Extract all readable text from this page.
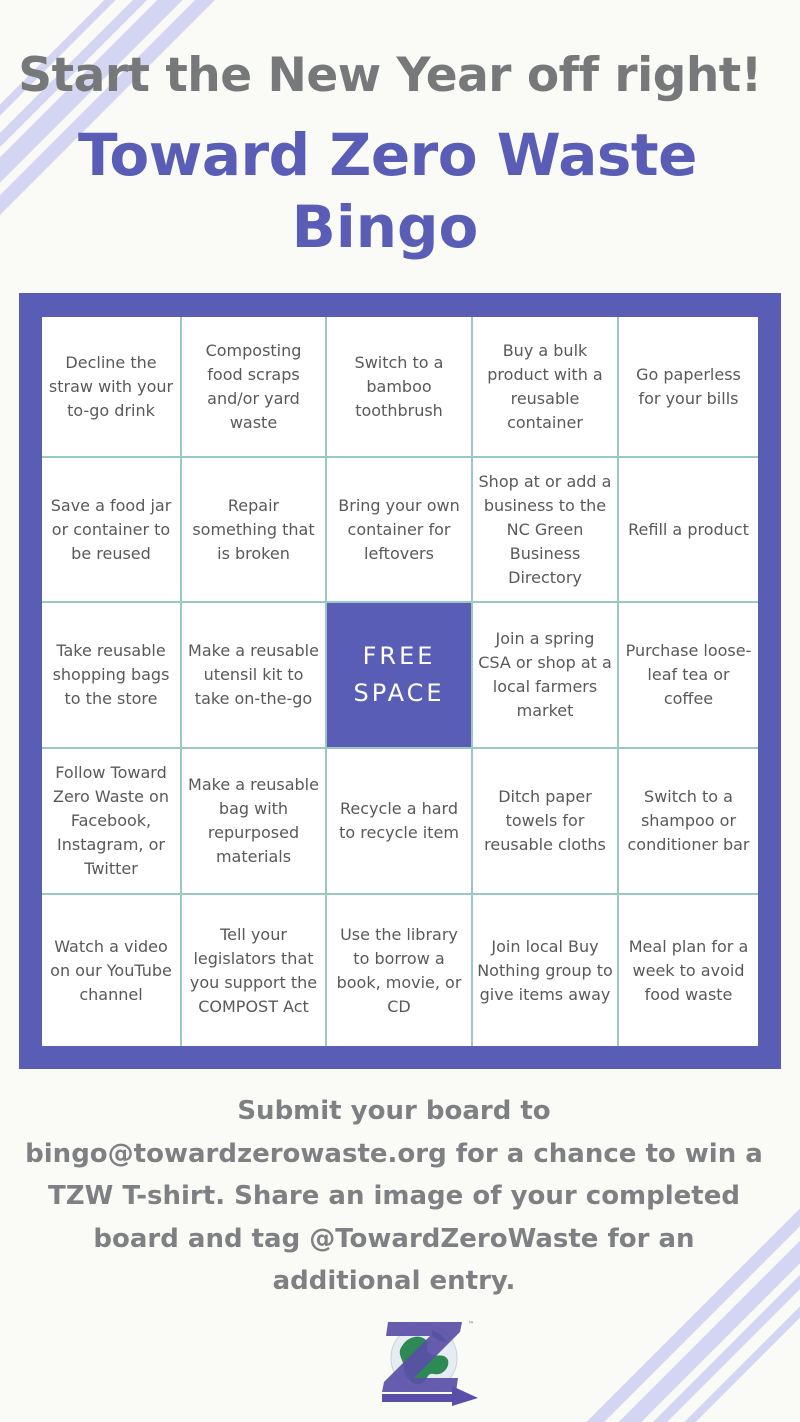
Start the New Year off right!
Toward Zero Waste
Bingo
Decline the straw with your to-go drink
Composting food scraps and/or yard waste
Switch to a bamboo toothbrush
Buy a bulk product with a reusable container
Go paperless for your bills
Save a food jar or container to be reused
Repair something that is broken
Bring your own container for leftovers
Shop at or add a business to the NC Green Business Directory
Refill a product
Take reusable shopping bags to the store
Make a reusable utensil kit to take on-the-go
FREE
SPACE
Join a spring CSA or shop at a local farmers market
Purchase loose-leaf tea or coffee
Follow Toward Zero Waste on Facebook, Instagram, or Twitter
Make a reusable bag with repurposed materials
Recycle a hard to recycle item
Ditch paper towels for reusable cloths
Switch to a shampoo or conditioner bar
Watch a video on our YouTube channel
Tell your legislators that you support the COMPOST Act
Use the library to borrow a book, movie, or CD
Join local Buy Nothing group to give items away
Meal plan for a week to avoid food waste
Submit your board to
bingo@towardzerowaste.org for a chance to win a
TZW T-shirt. Share an image of your completed
board and tag @TowardZeroWaste for an
additional entry.
™
